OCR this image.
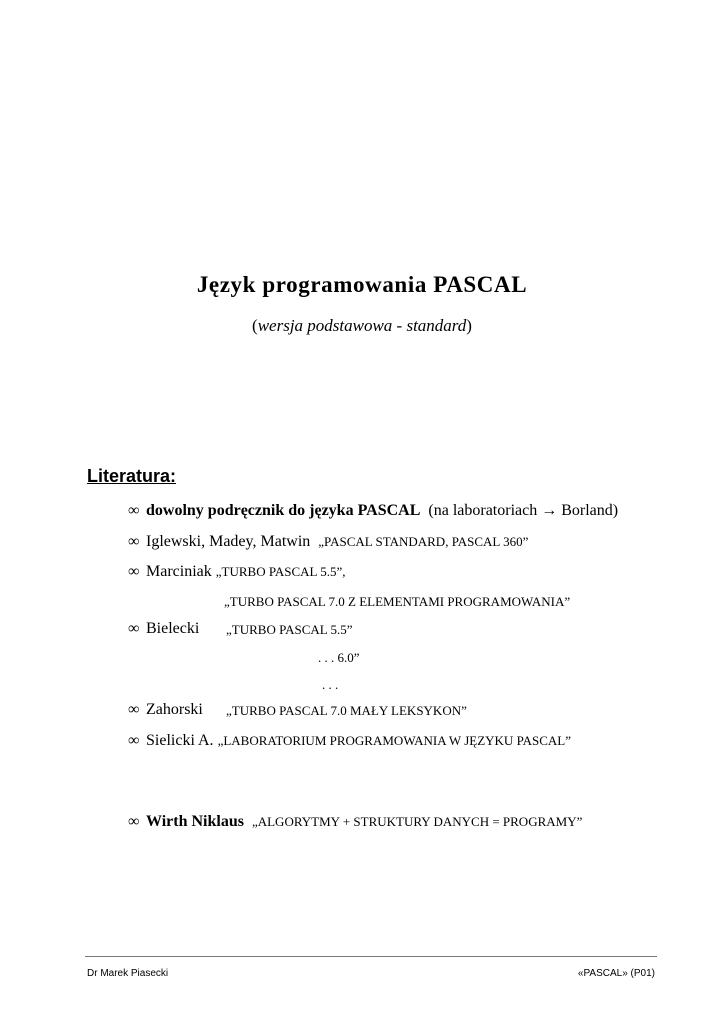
Język programowania PASCAL
(wersja podstawowa - standard)
Literatura:
∞ dowolny podręcznik do języka PASCAL (na laboratoriach → Borland)
∞ Iglewski, Madey, Matwin „PASCAL STANDARD, PASCAL 360”
∞ Marciniak „TURBO PASCAL 5.5”,
„TURBO PASCAL 7.0 Z ELEMENTAMI PROGRAMOWANIA”
∞ Bielecki „TURBO PASCAL 5.5”
. . . 6.0”
. . .
∞ Zahorski „TURBO PASCAL 7.0 MAŁY LEKSYKON”
∞ Sielicki A. „LABORATORIUM PROGRAMOWANIA W JĘZYKU PASCAL”
∞ Wirth Niklaus „ALGORYTMY + STRUKTURY DANYCH = PROGRAMY”
Dr Marek Piasecki	«PASCAL» (P01)
